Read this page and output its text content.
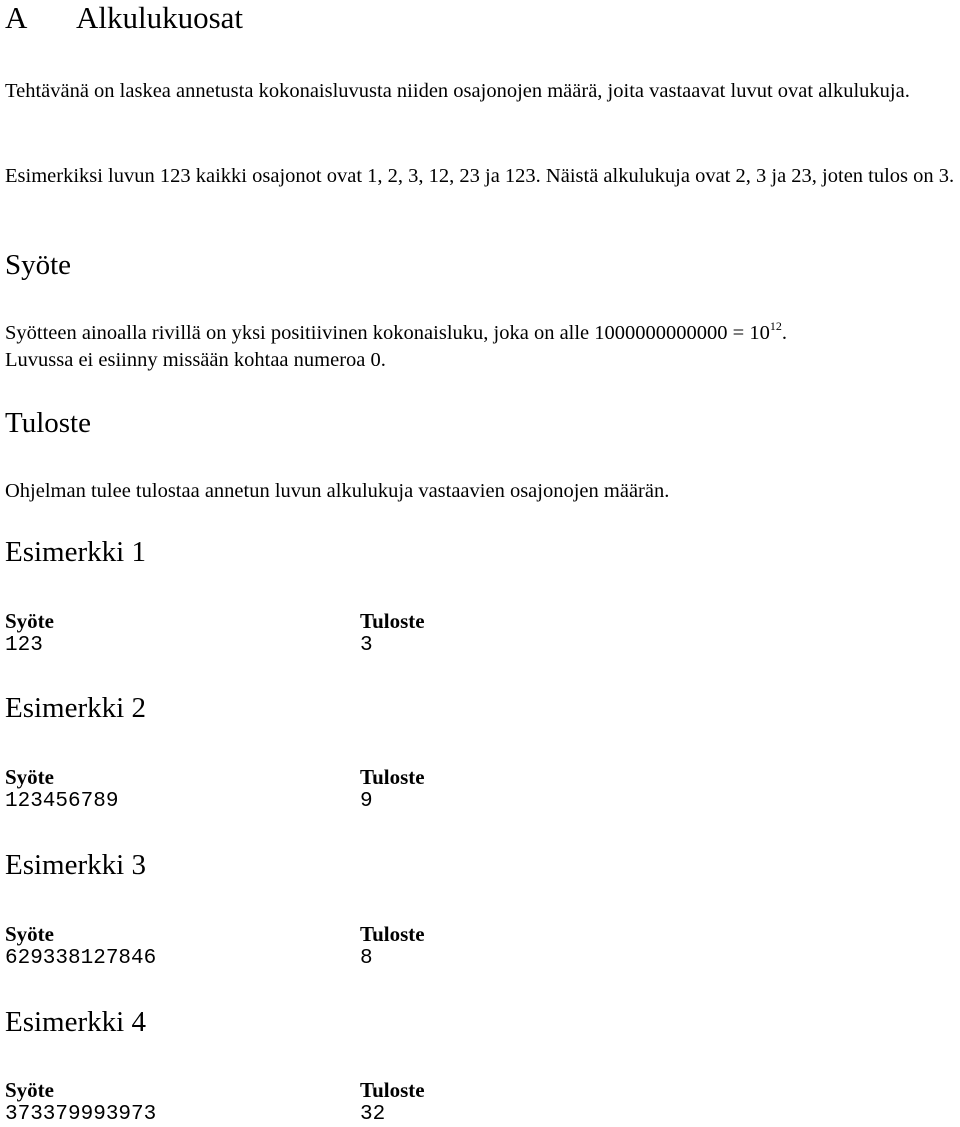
A Alkulukuosat

Tehtävänä on laskea annetusta kokonaisluvusta niiden osajonojen määrä, joita vastaavat luvut ovat alkulukuja.

Esimerkiksi luvun 123 kaikki osajonot ovat 1, 2, 3, 12, 23 ja 123. Näistä alkulukuja ovat 2, 3 ja 23, joten tulos on 3.

Syöte

Syötteen ainoalla rivillä on yksi positiivinen kokonaisluku, joka on alle $1000000000000 = 10^{12}$.
Luvussa ei esiinny missään kohtaa numeroa 0.

Tuloste

Ohjelman tulee tulostaa annetun luvun alkulukuja vastaavien osajonojen määrän.

Esimerkki 1
Syöte	Tuloste
123	3
Esimerkki 2
Syöte	Tuloste
123456789	9
Esimerkki 3
Syöte	Tuloste
629338127846	8
Esimerkki 4
Syöte	Tuloste
373379993973	32
